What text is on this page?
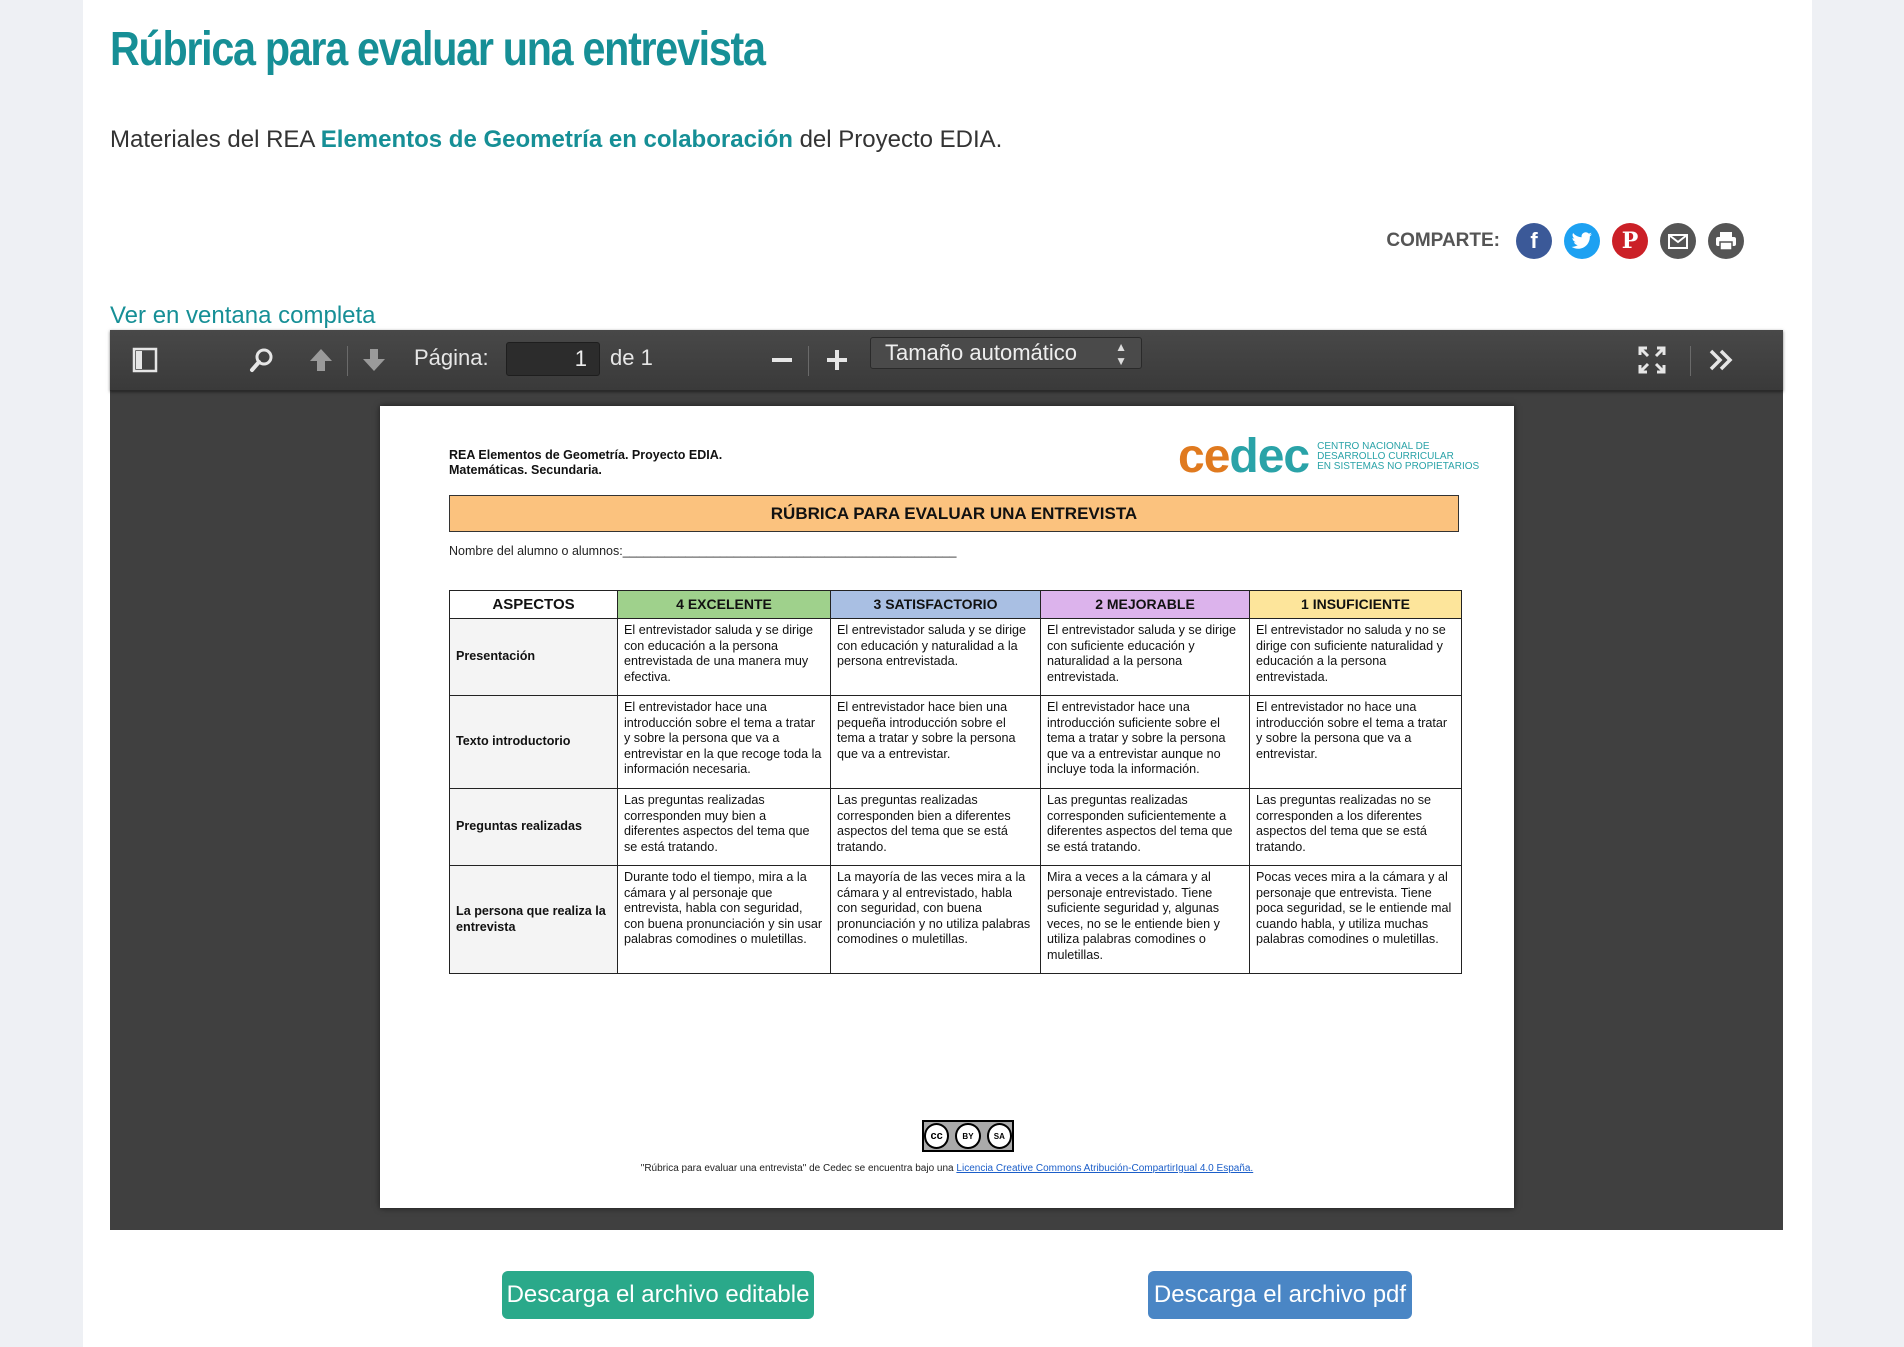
Rúbrica para evaluar una entrevista
Materiales del REA Elementos de Geometría en colaboración del Proyecto EDIA.
COMPARTE:	f	P
Ver en ventana completa
Página:	1	de 1	Tamaño automático	▲
▼
REA Elementos de Geometría. Proyecto EDIA.
Matemáticas. Secundaria.	cedec CENTRO NACIONAL DE
DESARROLLO CURRICULAR
EN SISTEMAS NO PROPIETARIOS
RÚBRICA PARA EVALUAR UNA ENTREVISTA
Nombre del alumno o alumnos:________________________________________________
ASPECTOS	4 EXCELENTE	3 SATISFACTORIO	2 MEJORABLE	1 INSUFICIENTE
Presentación	El entrevistador saluda y se dirige con educación a la persona entrevistada de una manera muy efectiva.	El entrevistador saluda y se dirige con educación y naturalidad a la persona entrevistada.	El entrevistador saluda y se dirige con suficiente educación y naturalidad a la persona entrevistada.	El entrevistador no saluda y no se dirige con suficiente naturalidad y educación a la persona entrevistada.
Texto introductorio	El entrevistador hace una introducción sobre el tema a tratar y sobre la persona que va a entrevistar en la que recoge toda la información necesaria.	El entrevistador hace bien una pequeña introducción sobre el tema a tratar y sobre la persona que va a entrevistar.	El entrevistador hace una introducción suficiente sobre el tema a tratar y sobre la persona que va a entrevistar aunque no incluye toda la información.	El entrevistador no hace una introducción sobre el tema a tratar y sobre la persona que va a entrevistar.
Preguntas realizadas	Las preguntas realizadas corresponden muy bien a diferentes aspectos del tema que se está tratando.	Las preguntas realizadas corresponden bien a diferentes aspectos del tema que se está tratando.	Las preguntas realizadas corresponden suficientemente a diferentes aspectos del tema que se está tratando.	Las preguntas realizadas no se corresponden a los diferentes aspectos del tema que se está tratando.
La persona que realiza la entrevista	Durante todo el tiempo, mira a la cámara y al personaje que entrevista, habla con seguridad, con buena pronunciación y sin usar palabras comodines o muletillas.	La mayoría de las veces mira a la cámara y al entrevistado, habla con seguridad, con buena pronunciación y no utiliza palabras comodines o muletillas.	Mira a veces a la cámara y al personaje entrevistado. Tiene suficiente seguridad y, algunas veces, no se le entiende bien y utiliza palabras comodines o muletillas.	Pocas veces mira a la cámara y al personaje que entrevista. Tiene poca seguridad, se le entiende mal cuando habla, y utiliza muchas palabras comodines o muletillas.
cc	BY	SA
"Rúbrica para evaluar una entrevista" de Cedec se encuentra bajo una Licencia Creative Commons Atribución-CompartirIgual 4.0 España.
Descarga el archivo editable	Descarga el archivo pdf
